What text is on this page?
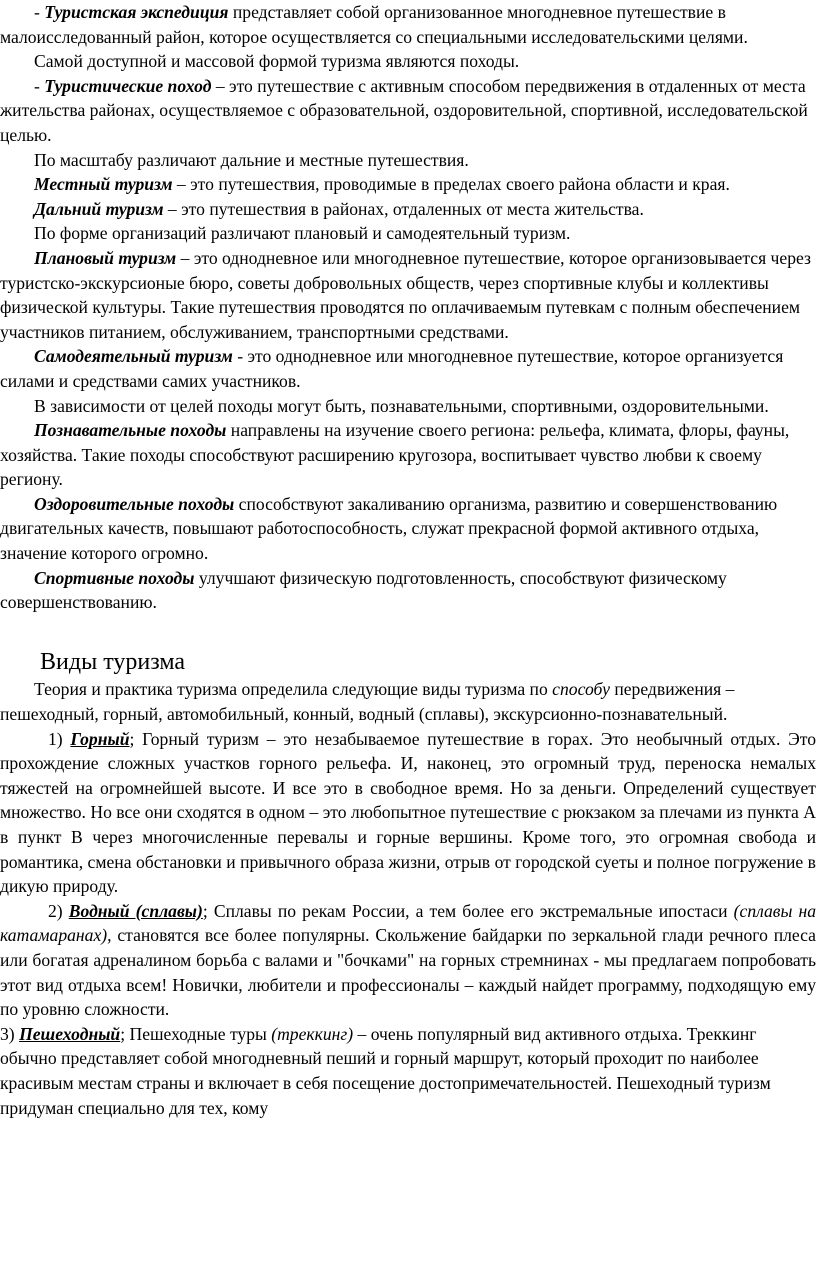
- Туристская экспедиция представляет собой организованное многодневное путешествие в малоисследованный район, которое осуществляется со специальными исследовательскими целями.

Самой доступной и массовой формой туризма являются походы.

- Туристические поход – это путешествие с активным способом передвижения в отдаленных от места жительства районах, осуществляемое с образовательной, оздоровительной, спортивной, исследовательской целью.

По масштабу различают дальние и местные путешествия.

Местный туризм – это путешествия, проводимые в пределах своего района области и края.

Дальний туризм – это путешествия в районах, отдаленных от места жительства.

По форме организаций различают плановый и самодеятельный туризм.

Плановый туризм – это однодневное или многодневное путешествие, которое организовывается через туристско-экскурсионые бюро, советы добровольных обществ, через спортивные клубы и коллективы физической культуры. Такие путешествия проводятся по оплачиваемым путевкам с полным обеспечением участников питанием, обслуживанием, транспортными средствами.

Самодеятельный туризм - это однодневное или многодневное путешествие, которое организуется силами и средствами самих участников.

В зависимости от целей походы могут быть, познавательными, спортивными, оздоровительными.

Познавательные походы направлены на изучение своего региона: рельефа, климата, флоры, фауны, хозяйства. Такие походы способствуют расширению кругозора, воспитывает чувство любви к своему региону.

Оздоровительные походы способствуют закаливанию организма, развитию и совершенствованию двигательных качеств, повышают работоспособность, служат прекрасной формой активного отдыха, значение которого огромно.

Спортивные походы улучшают физическую подготовленность, способствуют физическому совершенствованию.

Виды туризма

Теория и практика туризма определила следующие виды туризма по способу передвижения – пешеходный, горный, автомобильный, конный, водный (сплавы), экскурсионно-познавательный.

1) Горный; Горный туризм – это незабываемое путешествие в горах. Это необычный отдых. Это прохождение сложных участков горного рельефа. И, наконец, это огромный труд, переноска немалых тяжестей на огромнейшей высоте. И все это в свободное время. Но за деньги. Определений существует множество. Но все они сходятся в одном – это любопытное путешествие с рюкзаком за плечами из пункта А в пункт В через многочисленные перевалы и горные вершины. Кроме того, это огромная свобода и романтика, смена обстановки и привычного образа жизни, отрыв от городской суеты и полное погружение в дикую природу.

2) Водный (сплавы); Сплавы по рекам России, а тем более его экстремальные ипостаси (сплавы на катамаранах), становятся все более популярны. Скольжение байдарки по зеркальной глади речного плеса или богатая адреналином борьба с валами и "бочками" на горных стремнинах - мы предлагаем попробовать этот вид отдыха всем! Новички, любители и профессионалы – каждый найдет программу, подходящую ему по уровню сложности.

3) Пешеходный; Пешеходные туры (треккинг) – очень популярный вид активного отдыха. Треккинг обычно представляет собой многодневный пеший и горный маршрут, который проходит по наиболее красивым местам страны и включает в себя посещение достопримечательностей. Пешеходный туризм придуман специально для тех, кому
